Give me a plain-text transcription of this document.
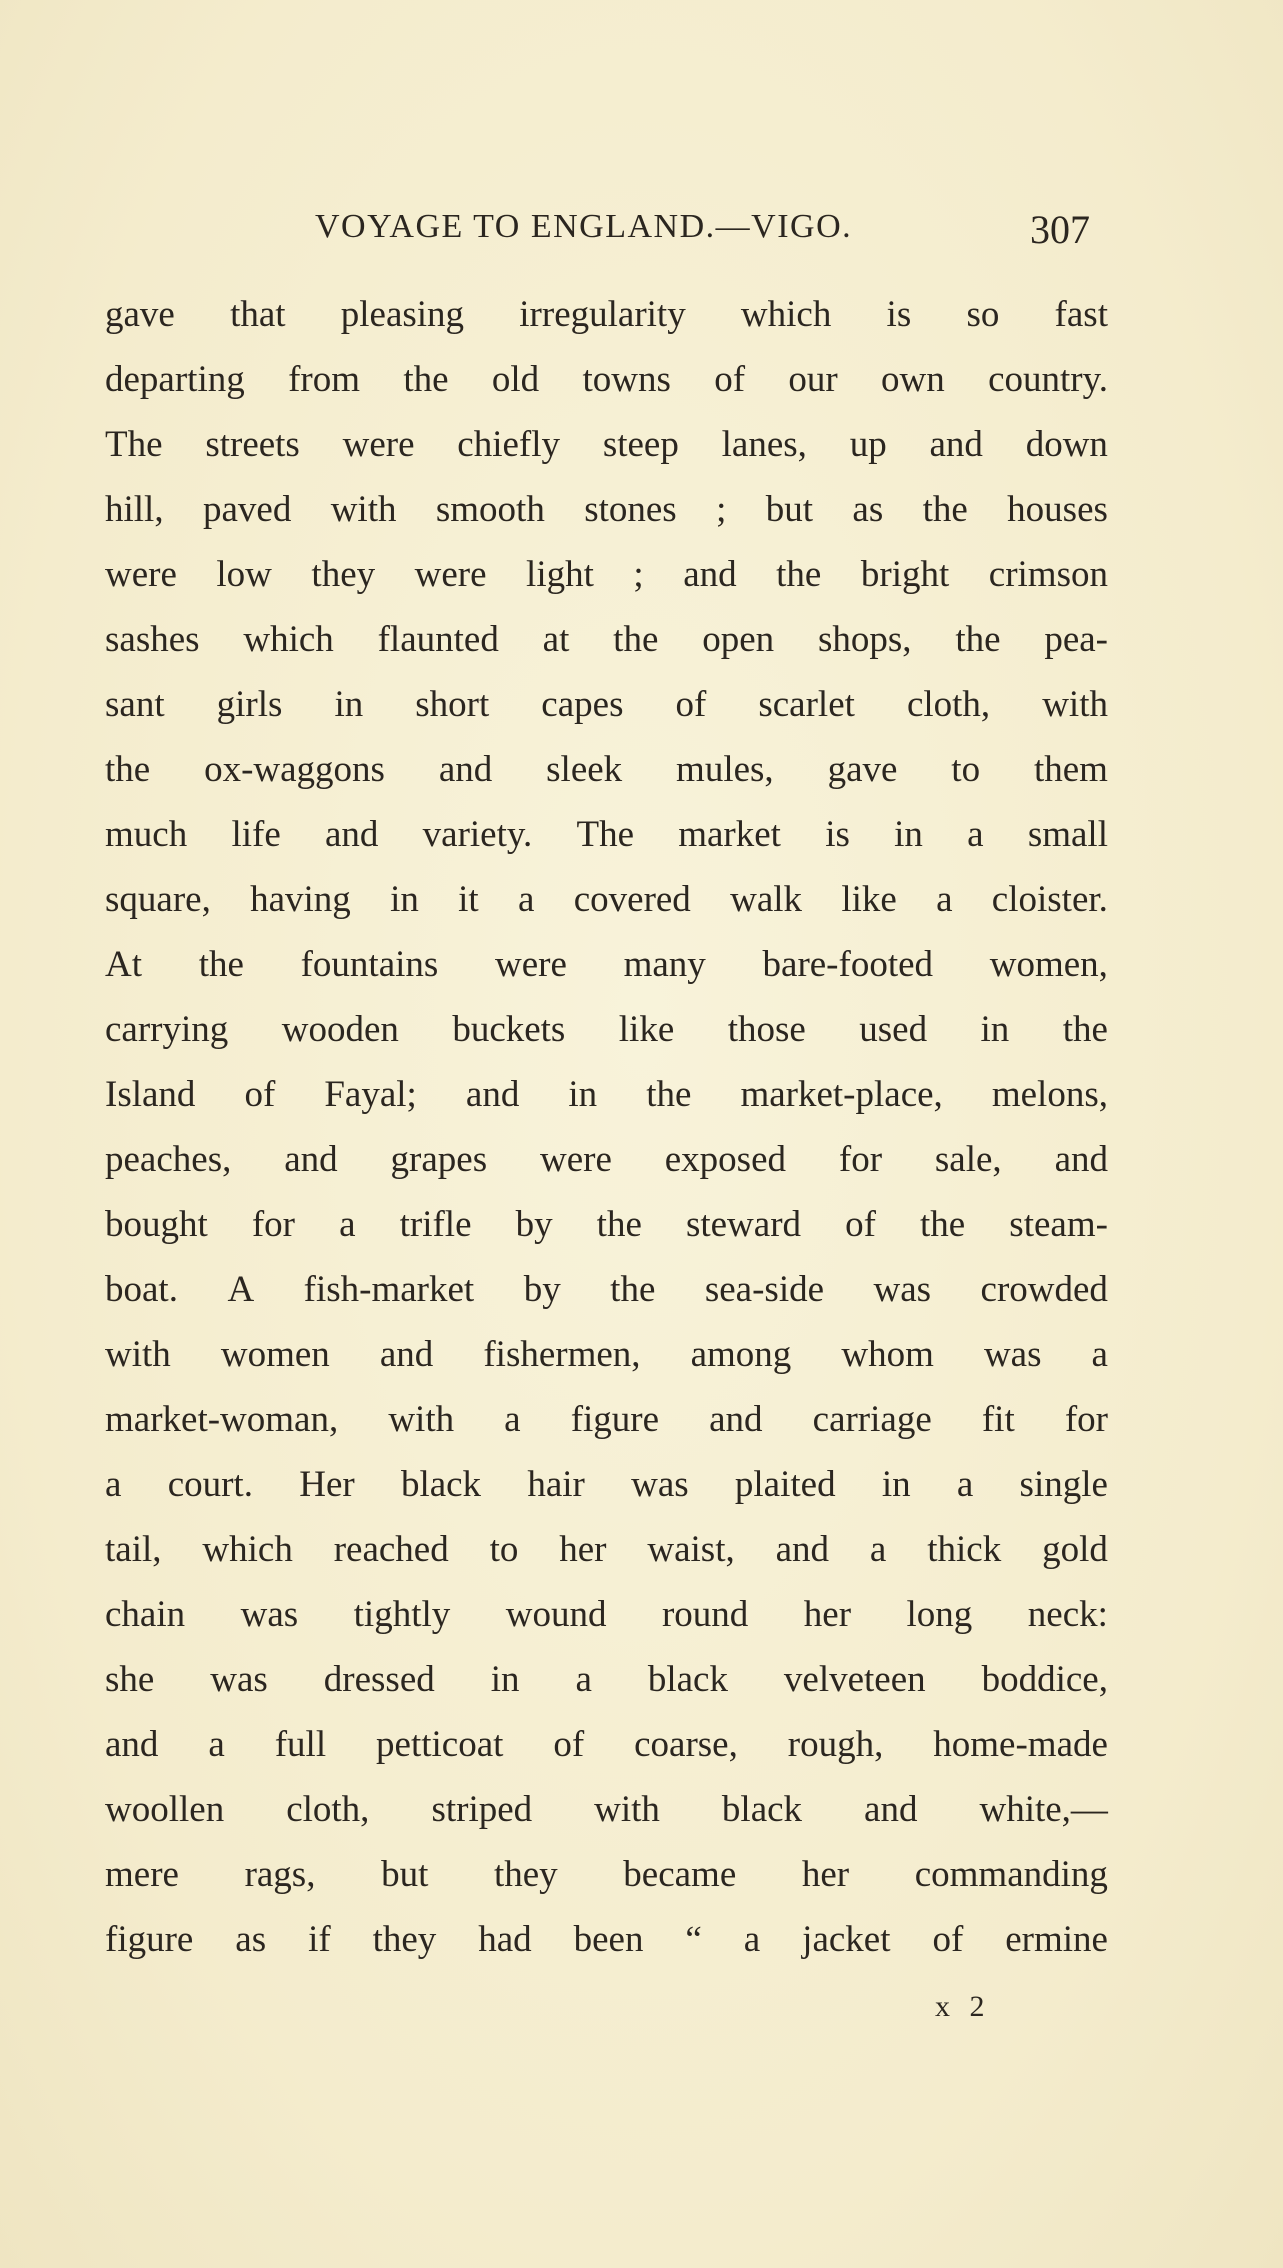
VOYAGE TO ENGLAND.—VIGO.	307
gave that pleasing irregularity which is so fast
departing from the old towns of our own country.
The streets were chiefly steep lanes, up and down
hill, paved with smooth stones ; but as the houses
were low they were light ; and the bright crimson
sashes which flaunted at the open shops, the pea-
sant girls in short capes of scarlet cloth, with
the ox-waggons and sleek mules, gave to them
much life and variety. The market is in a small
square, having in it a covered walk like a cloister.
At the fountains were many bare-footed women,
carrying wooden buckets like those used in the
Island of Fayal; and in the market-place, melons,
peaches, and grapes were exposed for sale, and
bought for a trifle by the steward of the steam-
boat. A fish-market by the sea-side was crowded
with women and fishermen, among whom was a
market-woman, with a figure and carriage fit for
a court. Her black hair was plaited in a single
tail, which reached to her waist, and a thick gold
chain was tightly wound round her long neck:
she was dressed in a black velveteen boddice,
and a full petticoat of coarse, rough, home-made
woollen cloth, striped with black and white,—
mere rags, but they became her commanding
figure as if they had been “ a jacket of ermine
x 2
